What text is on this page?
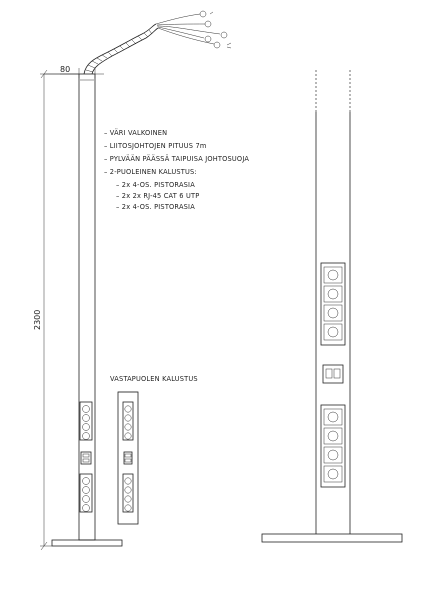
80
2300
– VÄRI VALKOINEN
– LIITOSJOHTOJEN PITUUS 7m
– PYLVÄÄN PÄÄSSÄ TAIPUISA JOHTOSUOJA
– 2-PUOLEINEN KALUSTUS:
– 2x 4-OS. PISTORASIA
– 2x 2x RJ-45 CAT 6 UTP
– 2x 4-OS. PISTORASIA
VASTAPUOLEN KALUSTUS
